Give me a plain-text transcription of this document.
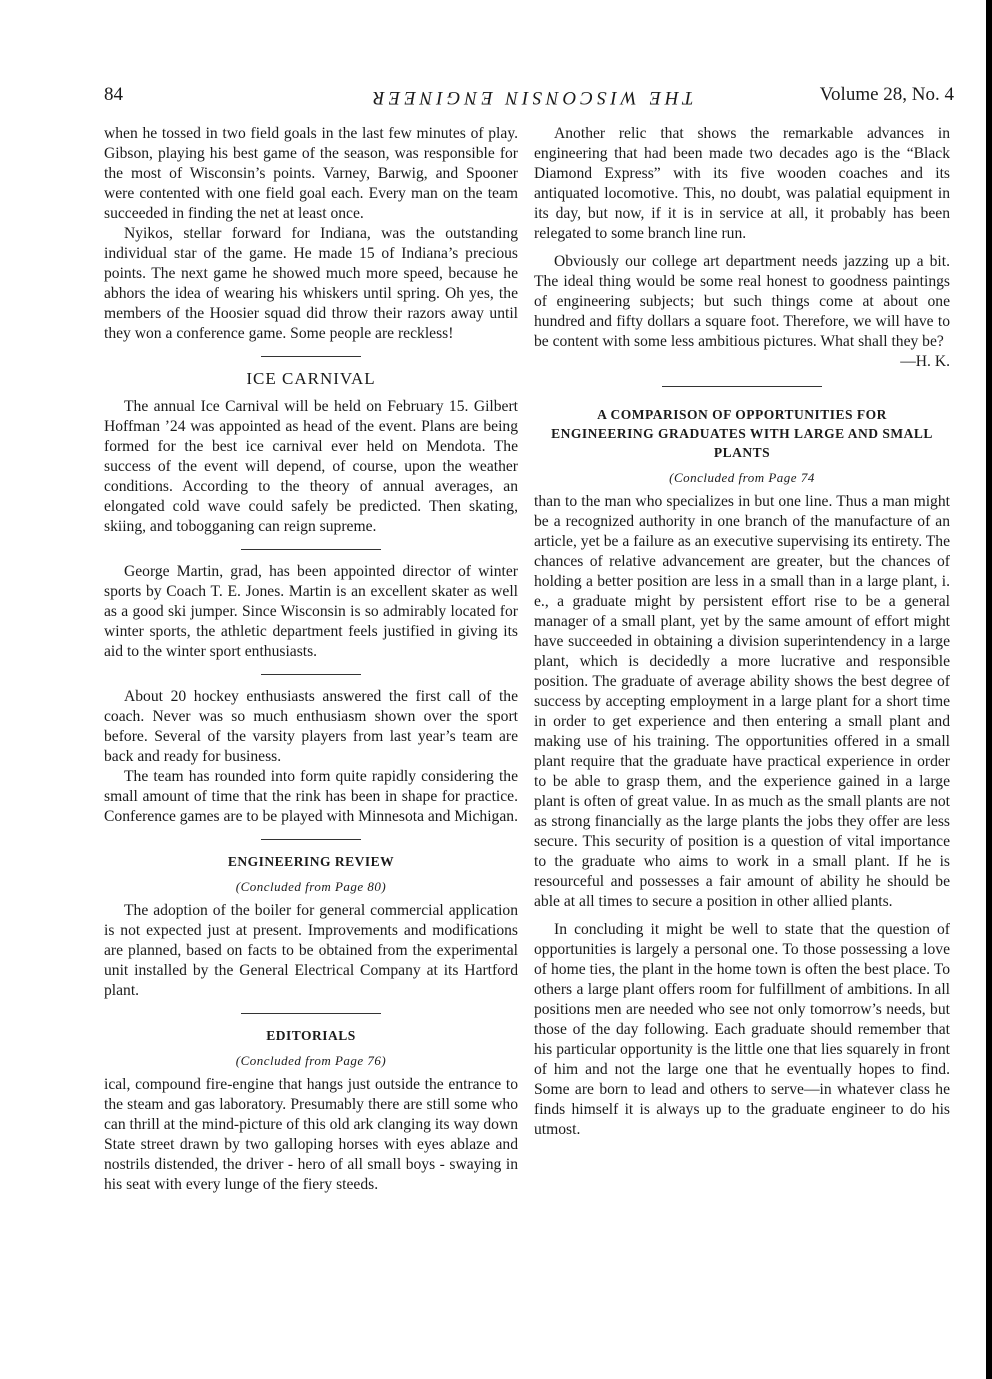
84	THE WISCONSIN ENGINEER	Volume 28, No. 4

when he tossed in two field goals in the last few minutes of play. Gibson, playing his best game of the season, was responsible for the most of Wisconsin’s points. Varney, Barwig, and Spooner were contented with one field goal each. Every man on the team succeeded in finding the net at least once.

Nyikos, stellar forward for Indiana, was the outstanding individual star of the game. He made 15 of Indiana’s precious points. The next game he showed much more speed, because he abhors the idea of wearing his whiskers until spring. Oh yes, the members of the Hoosier squad did throw their razors away until they won a conference game. Some people are reckless!

ICE CARNIVAL

The annual Ice Carnival will be held on February 15. Gilbert Hoffman ’24 was appointed as head of the event. Plans are being formed for the best ice carnival ever held on Mendota. The success of the event will depend, of course, upon the weather conditions. According to the theory of annual averages, an elongated cold wave could safely be predicted. Then skating, skiing, and tobogganing can reign supreme.

George Martin, grad, has been appointed director of winter sports by Coach T. E. Jones. Martin is an excellent skater as well as a good ski jumper. Since Wisconsin is so admirably located for winter sports, the athletic department feels justified in giving its aid to the winter sport enthusiasts.

About 20 hockey enthusiasts answered the first call of the coach. Never was so much enthusiasm shown over the sport before. Several of the varsity players from last year’s team are back and ready for business.

The team has rounded into form quite rapidly considering the small amount of time that the rink has been in shape for practice. Conference games are to be played with Minnesota and Michigan.

ENGINEERING REVIEW
(Concluded from Page 80)

The adoption of the boiler for general commercial application is not expected just at present. Improvements and modifications are planned, based on facts to be obtained from the experimental unit installed by the General Electrical Company at its Hartford plant.

EDITORIALS
(Concluded from Page 76)

ical, compound fire-engine that hangs just outside the entrance to the steam and gas laboratory. Presumably there are still some who can thrill at the mind-picture of this old ark clanging its way down State street drawn by two galloping horses with eyes ablaze and nostrils distended, the driver - hero of all small boys - swaying in his seat with every lunge of the fiery steeds.

Another relic that shows the remarkable advances in engineering that had been made two decades ago is the “Black Diamond Express” with its five wooden coaches and its antiquated locomotive. This, no doubt, was palatial equipment in its day, but now, if it is in service at all, it probably has been relegated to some branch line run.

Obviously our college art department needs jazzing up a bit. The ideal thing would be some real honest to goodness paintings of engineering subjects; but such things come at about one hundred and fifty dollars a square foot. Therefore, we will have to be content with some less ambitious pictures. What shall they be?

—H. K.

A COMPARISON OF OPPORTUNITIES FOR ENGINEERING GRADUATES WITH LARGE AND SMALL PLANTS
(Concluded from Page 74

than to the man who specializes in but one line. Thus a man might be a recognized authority in one branch of the manufacture of an article, yet be a failure as an executive supervising its entirety. The chances of relative advancement are greater, but the chances of holding a better position are less in a small than in a large plant, i. e., a graduate might by persistent effort rise to be a general manager of a small plant, yet by the same amount of effort might have succeeded in obtaining a division superintendency in a large plant, which is decidedly a more lucrative and responsible position. The graduate of average ability shows the best degree of success by accepting employment in a large plant for a short time in order to get experience and then entering a small plant and making use of his training. The opportunities offered in a small plant require that the graduate have practical experience in order to be able to grasp them, and the experience gained in a large plant is often of great value. In as much as the small plants are not as strong financially as the large plants the jobs they offer are less secure. This security of position is a question of vital importance to the graduate who aims to work in a small plant. If he is resourceful and possesses a fair amount of ability he should be able at all times to secure a position in other allied plants.

In concluding it might be well to state that the question of opportunities is largely a personal one. To those possessing a love of home ties, the plant in the home town is often the best place. To others a large plant offers room for fulfillment of ambitions. In all positions men are needed who see not only tomorrow’s needs, but those of the day following. Each graduate should remember that his particular opportunity is the little one that lies squarely in front of him and not the large one that he eventually hopes to find. Some are born to lead and others to serve—in whatever class he finds himself it is always up to the graduate engineer to do his utmost.
